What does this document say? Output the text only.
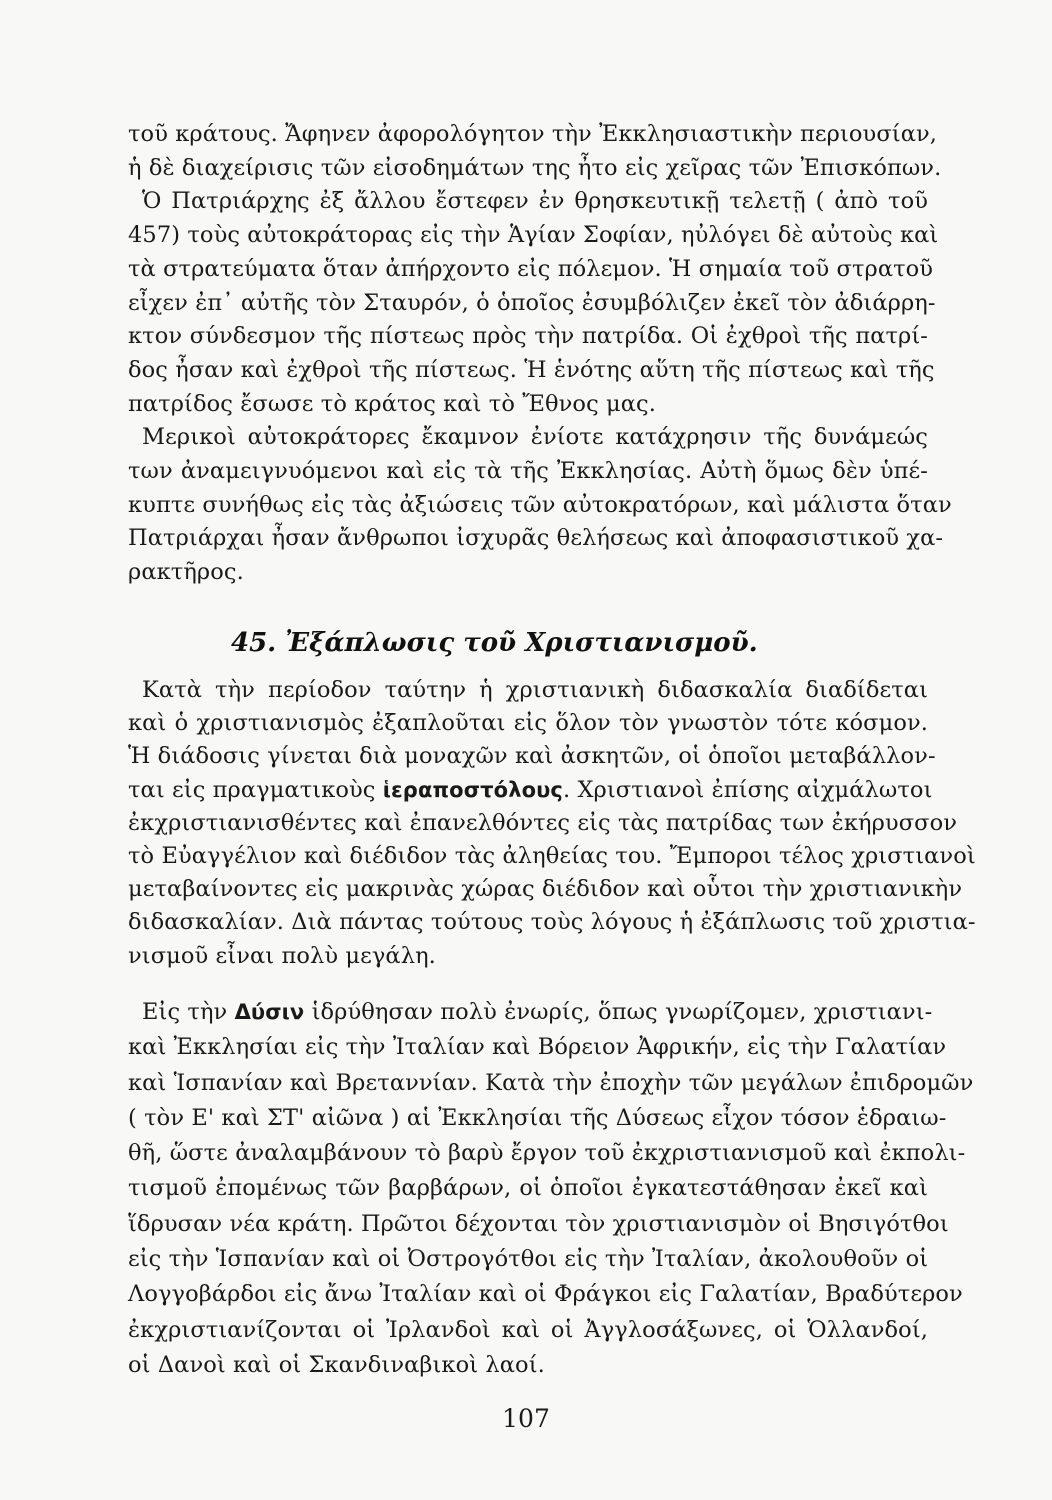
τοῦ κράτους. Ἄφηνεν ἀφορολόγητον τὴν Ἐκκλησιαστικὴν περιουσίαν,
ἡ δὲ διαχείρισις τῶν εἰσοδημάτων της ἦτο εἰς χεῖρας τῶν Ἐπισκόπων.
Ὁ Πατριάρχης ἐξ ἄλλου ἔστεφεν ἐν θρησκευτικῇ τελετῇ ( ἀπὸ τοῦ
457) τοὺς αὐτοκράτορας εἰς τὴν Ἁγίαν Σοφίαν, ηὐλόγει δὲ αὐτοὺς καὶ
τὰ στρατεύματα ὅταν ἀπήρχοντο εἰς πόλεμον. Ἡ σημαία τοῦ στρατοῦ
εἶχεν ἐπ᾽ αὐτῆς τὸν Σταυρόν, ὁ ὁποῖος ἐσυμβόλιζεν ἐκεῖ τὸν ἀδιάρρη-
κτον σύνδεσμον τῆς πίστεως πρὸς τὴν πατρίδα. Οἱ ἐχθροὶ τῆς πατρί-
δος ἦσαν καὶ ἐχθροὶ τῆς πίστεως. Ἡ ἑνότης αὕτη τῆς πίστεως καὶ τῆς
πατρίδος ἔσωσε τὸ κράτος καὶ τὸ Ἔθνος μας.
Μερικοὶ αὐτοκράτορες ἔκαμνον ἐνίοτε κατάχρησιν τῆς δυνάμεώς
των ἀναμειγνυόμενοι καὶ εἰς τὰ τῆς Ἐκκλησίας. Αὐτὴ ὅμως δὲν ὑπέ-
κυπτε συνήθως εἰς τὰς ἀξιώσεις τῶν αὐτοκρατόρων, καὶ μάλιστα ὅταν
Πατριάρχαι ἦσαν ἄνθρωποι ἰσχυρᾶς θελήσεως καὶ ἀποφασιστικοῦ χα-
ρακτῆρος.
45. Ἐξάπλωσις τοῦ Χριστιανισμοῦ.
Κατὰ τὴν περίοδον ταύτην ἡ χριστιανικὴ διδασκαλία διαδίδεται
καὶ ὁ χριστιανισμὸς ἐξαπλοῦται εἰς ὅλον τὸν γνωστὸν τότε κόσμον.
Ἡ διάδοσις γίνεται διὰ μοναχῶν καὶ ἀσκητῶν, οἱ ὁποῖοι μεταβάλλον-
ται εἰς πραγματικοὺς ἱεραποστόλους. Χριστιανοὶ ἐπίσης αἰχμάλωτοι
ἐκχριστιανισθέντες καὶ ἐπανελθόντες εἰς τὰς πατρίδας των ἐκήρυσσον
τὸ Εὐαγγέλιον καὶ διέδιδον τὰς ἀληθείας του. Ἔμποροι τέλος χριστιανοὶ
μεταβαίνοντες εἰς μακρινὰς χώρας διέδιδον καὶ οὗτοι τὴν χριστιανικὴν
διδασκαλίαν. Διὰ πάντας τούτους τοὺς λόγους ἡ ἐξάπλωσις τοῦ χριστια-
νισμοῦ εἶναι πολὺ μεγάλη.
Εἰς τὴν Δύσιν ἱδρύθησαν πολὺ ἐνωρίς, ὅπως γνωρίζομεν, χριστιανι-
καὶ Ἐκκλησίαι εἰς τὴν Ἰταλίαν καὶ Βόρειον Ἀφρικήν, εἰς τὴν Γαλατίαν
καὶ Ἱσπανίαν καὶ Βρεταννίαν. Κατὰ τὴν ἐποχὴν τῶν μεγάλων ἐπιδρομῶν
( τὸν Ε' καὶ ΣΤ' αἰῶνα ) αἱ Ἐκκλησίαι τῆς Δύσεως εἶχον τόσον ἑδραιω-
θῆ, ὥστε ἀναλαμβάνουν τὸ βαρὺ ἔργον τοῦ ἐκχριστιανισμοῦ καὶ ἐκπολι-
τισμοῦ ἐπομένως τῶν βαρβάρων, οἱ ὁποῖοι ἐγκατεστάθησαν ἐκεῖ καὶ
ἵδρυσαν νέα κράτη. Πρῶτοι δέχονται τὸν χριστιανισμὸν οἱ Βησιγότθοι
εἰς τὴν Ἱσπανίαν καὶ οἱ Ὀστρογότθοι εἰς τὴν Ἰταλίαν, ἀκολουθοῦν οἱ
Λογγοβάρδοι εἰς ἄνω Ἰταλίαν καὶ οἱ Φράγκοι εἰς Γαλατίαν, Βραδύτερον
ἐκχριστιανίζονται οἱ Ἰρλανδοὶ καὶ οἱ Ἀγγλοσάξωνες, οἱ Ὁλλανδοί,
οἱ Δανοὶ καὶ οἱ Σκανδιναβικοὶ λαοί.
107
